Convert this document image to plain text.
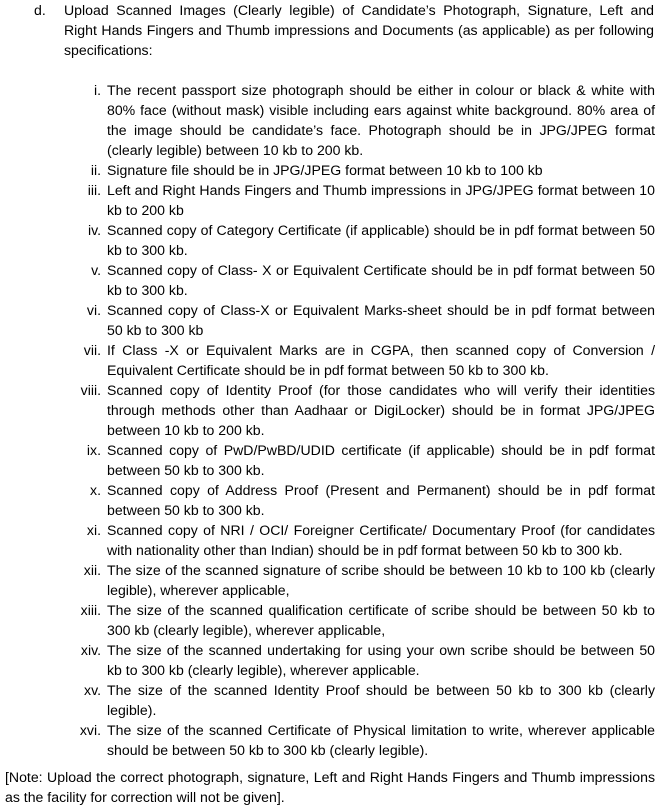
d. Upload Scanned Images (Clearly legible) of Candidate’s Photograph, Signature, Left and Right Hands Fingers and Thumb impressions and Documents (as applicable) as per following specifications:
i. The recent passport size photograph should be either in colour or black & white with 80% face (without mask) visible including ears against white background. 80% area of the image should be candidate’s face. Photograph should be in JPG/JPEG format (clearly legible) between 10 kb to 200 kb.
ii. Signature file should be in JPG/JPEG format between 10 kb to 100 kb
iii. Left and Right Hands Fingers and Thumb impressions in JPG/JPEG format between 10 kb to 200 kb
iv. Scanned copy of Category Certificate (if applicable) should be in pdf format between 50 kb to 300 kb.
v. Scanned copy of Class- X or Equivalent Certificate should be in pdf format between 50 kb to 300 kb.
vi. Scanned copy of Class-X or Equivalent Marks-sheet should be in pdf format between 50 kb to 300 kb
vii. If Class -X or Equivalent Marks are in CGPA, then scanned copy of Conversion / Equivalent Certificate should be in pdf format between 50 kb to 300 kb.
viii. Scanned copy of Identity Proof (for those candidates who will verify their identities through methods other than Aadhaar or DigiLocker) should be in format JPG/JPEG between 10 kb to 200 kb.
ix. Scanned copy of PwD/PwBD/UDID certificate (if applicable) should be in pdf format between 50 kb to 300 kb.
x. Scanned copy of Address Proof (Present and Permanent) should be in pdf format between 50 kb to 300 kb.
xi. Scanned copy of NRI / OCI/ Foreigner Certificate/ Documentary Proof (for candidates with nationality other than Indian) should be in pdf format between 50 kb to 300 kb.
xii. The size of the scanned signature of scribe should be between 10 kb to 100 kb (clearly legible), wherever applicable,
xiii. The size of the scanned qualification certificate of scribe should be between 50 kb to 300 kb (clearly legible), wherever applicable,
xiv. The size of the scanned undertaking for using your own scribe should be between 50 kb to 300 kb (clearly legible), wherever applicable.
xv. The size of the scanned Identity Proof should be between 50 kb to 300 kb (clearly legible).
xvi. The size of the scanned Certificate of Physical limitation to write, wherever applicable should be between 50 kb to 300 kb (clearly legible).
[Note: Upload the correct photograph, signature, Left and Right Hands Fingers and Thumb impressions as the facility for correction will not be given].
